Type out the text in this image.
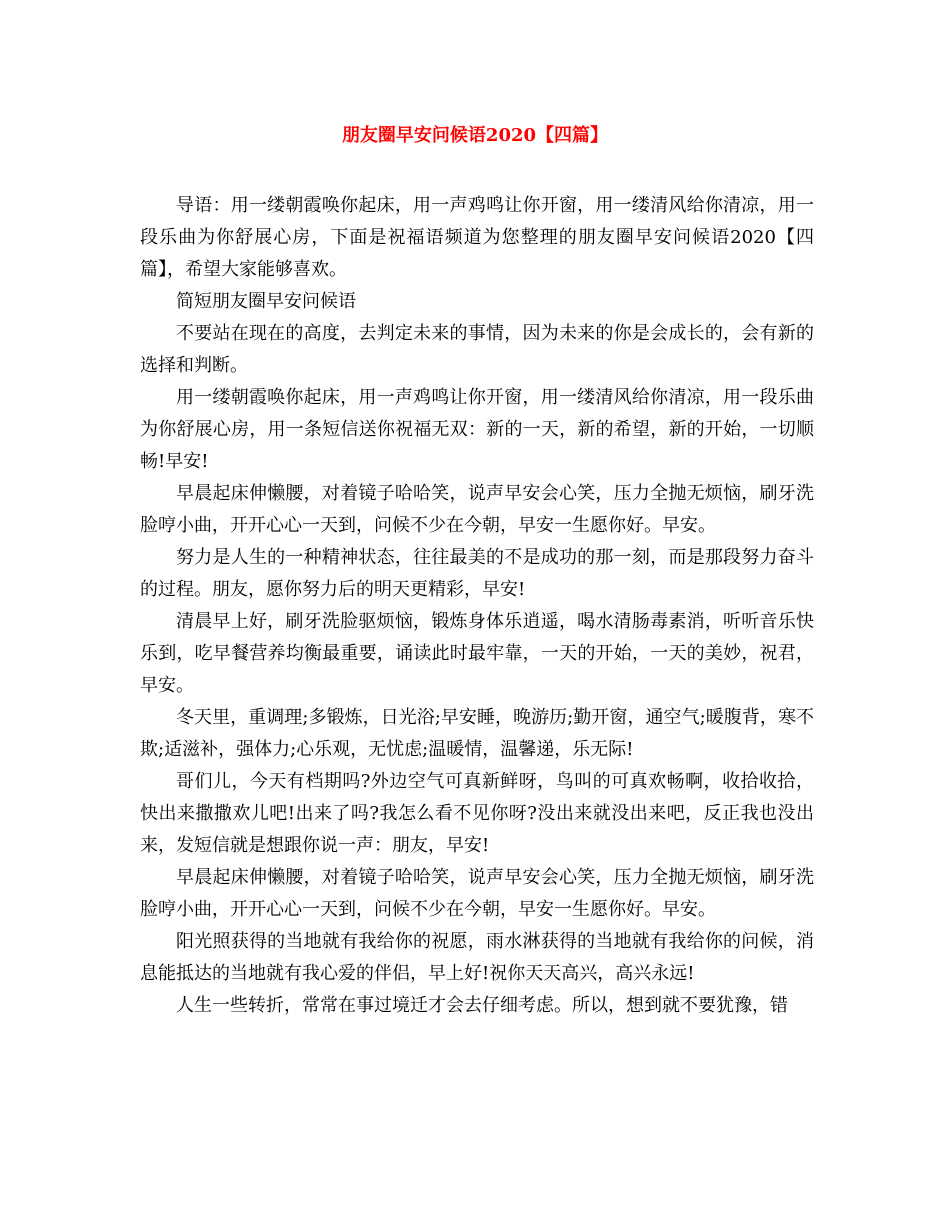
朋友圈早安问候语2020【四篇】

导语：用一缕朝霞唤你起床，用一声鸡鸣让你开窗，用一缕清风给你清凉，用一段乐曲为你舒展心房，下面是祝福语频道为您整理的朋友圈早安问候语2020【四篇】，希望大家能够喜欢。

简短朋友圈早安问候语

不要站在现在的高度，去判定未来的事情，因为未来的你是会成长的，会有新的选择和判断。

用一缕朝霞唤你起床，用一声鸡鸣让你开窗，用一缕清风给你清凉，用一段乐曲为你舒展心房，用一条短信送你祝福无双：新的一天，新的希望，新的开始，一切顺畅!早安!

早晨起床伸懒腰，对着镜子哈哈笑，说声早安会心笑，压力全抛无烦恼，刷牙洗脸哼小曲，开开心心一天到，问候不少在今朝，早安一生愿你好。早安。

努力是人生的一种精神状态，往往最美的不是成功的那一刻，而是那段努力奋斗的过程。朋友，愿你努力后的明天更精彩，早安!

清晨早上好，刷牙洗脸驱烦恼，锻炼身体乐逍遥，喝水清肠毒素消，听听音乐快乐到，吃早餐营养均衡最重要，诵读此时最牢靠，一天的开始，一天的美妙，祝君，早安。

冬天里，重调理;多锻炼，日光浴;早安睡，晚游历;勤开窗，通空气;暖腹背，寒不欺;适滋补，强体力;心乐观，无忧虑;温暖情，温馨递，乐无际!

哥们儿，今天有档期吗?外边空气可真新鲜呀，鸟叫的可真欢畅啊，收拾收拾，快出来撒撒欢儿吧!出来了吗?我怎么看不见你呀?没出来就没出来吧，反正我也没出来，发短信就是想跟你说一声：朋友，早安!

早晨起床伸懒腰，对着镜子哈哈笑，说声早安会心笑，压力全抛无烦恼，刷牙洗脸哼小曲，开开心心一天到，问候不少在今朝，早安一生愿你好。早安。

阳光照获得的当地就有我给你的祝愿，雨水淋获得的当地就有我给你的问候，消息能抵达的当地就有我心爱的伴侣，早上好!祝你天天高兴，高兴永远!

人生一些转折，常常在事过境迁才会去仔细考虑。所以，想到就不要犹豫，错
